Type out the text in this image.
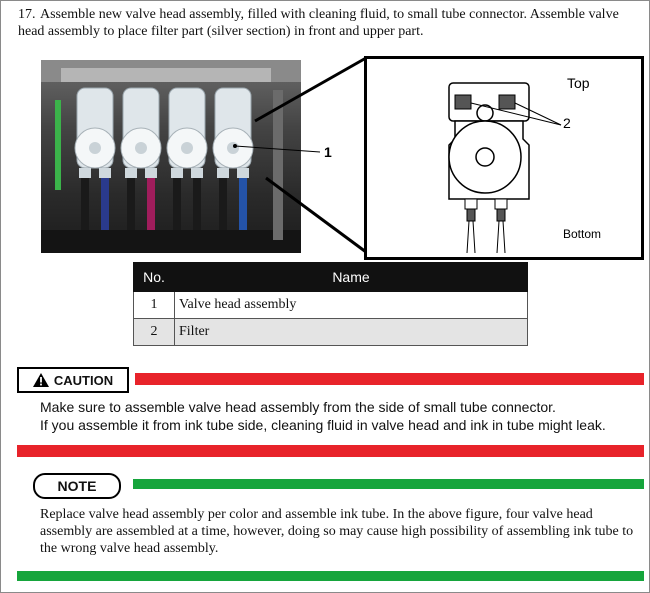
17. Assemble new valve head assembly, filled with cleaning fluid, to small tube connector. Assemble valve head assembly to place filter part (silver section) in front and upper part.
1
Top
2
Bottom
No.	Name
1	Valve head assembly
2	Filter
CAUTION
Make sure to assemble valve head assembly from the side of small tube connector.
If you assemble it from ink tube side, cleaning fluid in valve head and ink in tube might leak.
NOTE
Replace valve head assembly per color and assemble ink tube. In the above figure, four valve head assembly are assembled at a time, however, doing so may cause high possibility of assembling ink tube to the wrong valve head assembly.
